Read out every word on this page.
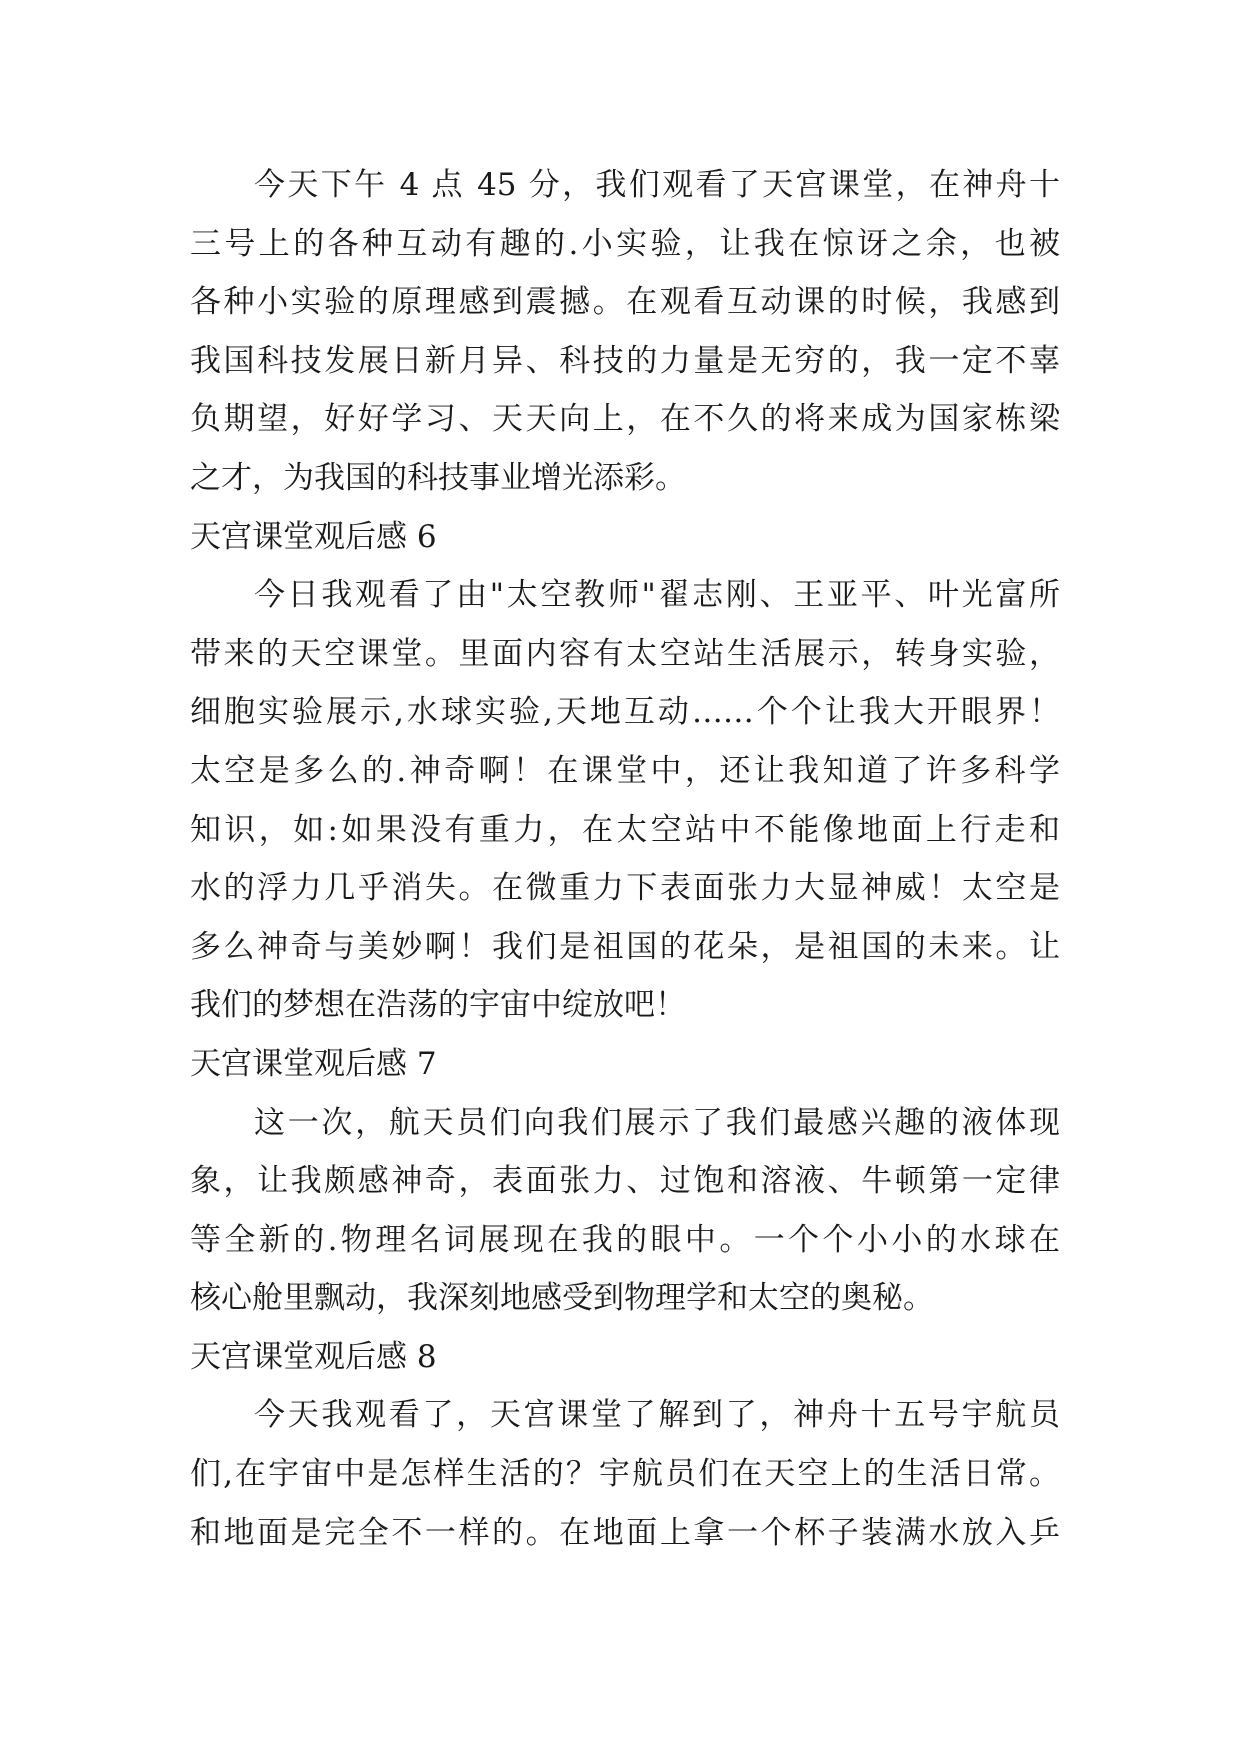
今天下午 4 点 45 分，我们观看了天宫课堂，在神舟十
三号上的各种互动有趣的.小实验，让我在惊讶之余，也被
各种小实验的原理感到震撼。在观看互动课的时候，我感到
我国科技发展日新月异、科技的力量是无穷的，我一定不辜
负期望，好好学习、天天向上，在不久的将来成为国家栋梁
之才，为我国的科技事业增光添彩。
天宫课堂观后感 6
今日我观看了由"太空教师"翟志刚、王亚平、叶光富所
带来的天空课堂。里面内容有太空站生活展示，转身实验，
细胞实验展示,水球实验,天地互动……个个让我大开眼界！
太空是多么的.神奇啊！在课堂中，还让我知道了许多科学
知识，如:如果没有重力，在太空站中不能像地面上行走和
水的浮力几乎消失。在微重力下表面张力大显神威！太空是
多么神奇与美妙啊！我们是祖国的花朵，是祖国的未来。让
我们的梦想在浩荡的宇宙中绽放吧！
天宫课堂观后感 7
这一次，航天员们向我们展示了我们最感兴趣的液体现
象，让我颇感神奇，表面张力、过饱和溶液、牛顿第一定律
等全新的.物理名词展现在我的眼中。一个个小小的水球在
核心舱里飘动，我深刻地感受到物理学和太空的奥秘。
天宫课堂观后感 8
今天我观看了，天宫课堂了解到了，神舟十五号宇航员
们,在宇宙中是怎样生活的？宇航员们在天空上的生活日常。
和地面是完全不一样的。在地面上拿一个杯子装满水放入乒
